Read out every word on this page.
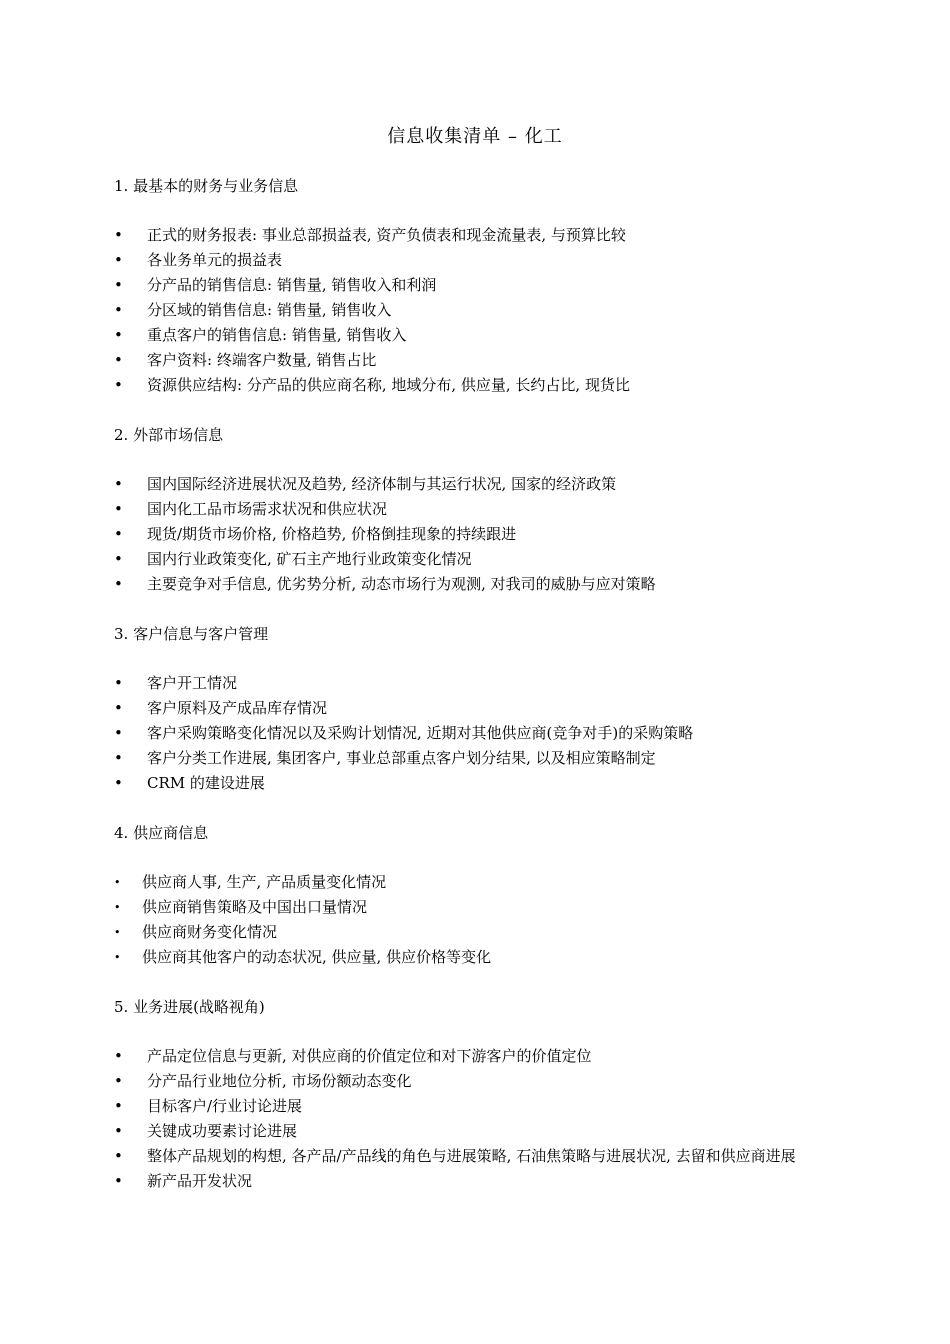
信息收集清单 – 化工
1. 最基本的财务与业务信息
•	正式的财务报表: 事业总部损益表, 资产负债表和现金流量表, 与预算比较
•	各业务单元的损益表
•	分产品的销售信息: 销售量, 销售收入和利润
•	分区域的销售信息: 销售量, 销售收入
•	重点客户的销售信息: 销售量, 销售收入
•	客户资料: 终端客户数量, 销售占比
•	资源供应结构: 分产品的供应商名称, 地域分布, 供应量, 长约占比, 现货比
2. 外部市场信息
•	国内国际经济进展状况及趋势, 经济体制与其运行状况, 国家的经济政策
•	国内化工品市场需求状况和供应状况
•	现货/期货市场价格, 价格趋势, 价格倒挂现象的持续跟进
•	国内行业政策变化, 矿石主产地行业政策变化情况
•	主要竞争对手信息, 优劣势分析, 动态市场行为观测, 对我司的威胁与应对策略
3. 客户信息与客户管理
•	客户开工情况
•	客户原料及产成品库存情况
•	客户采购策略变化情况以及采购计划情况, 近期对其他供应商(竞争对手)的采购策略
•	客户分类工作进展, 集团客户, 事业总部重点客户划分结果, 以及相应策略制定
•	CRM 的建设进展
4. 供应商信息
•	供应商人事, 生产, 产品质量变化情况
•	供应商销售策略及中国出口量情况
•	供应商财务变化情况
•	供应商其他客户的动态状况, 供应量, 供应价格等变化
5. 业务进展(战略视角)
•	产品定位信息与更新, 对供应商的价值定位和对下游客户的价值定位
•	分产品行业地位分析, 市场份额动态变化
•	目标客户/行业讨论进展
•	关键成功要素讨论进展
•	整体产品规划的构想, 各产品/产品线的角色与进展策略, 石油焦策略与进展状况, 去留和供应商进展
•	新产品开发状况
